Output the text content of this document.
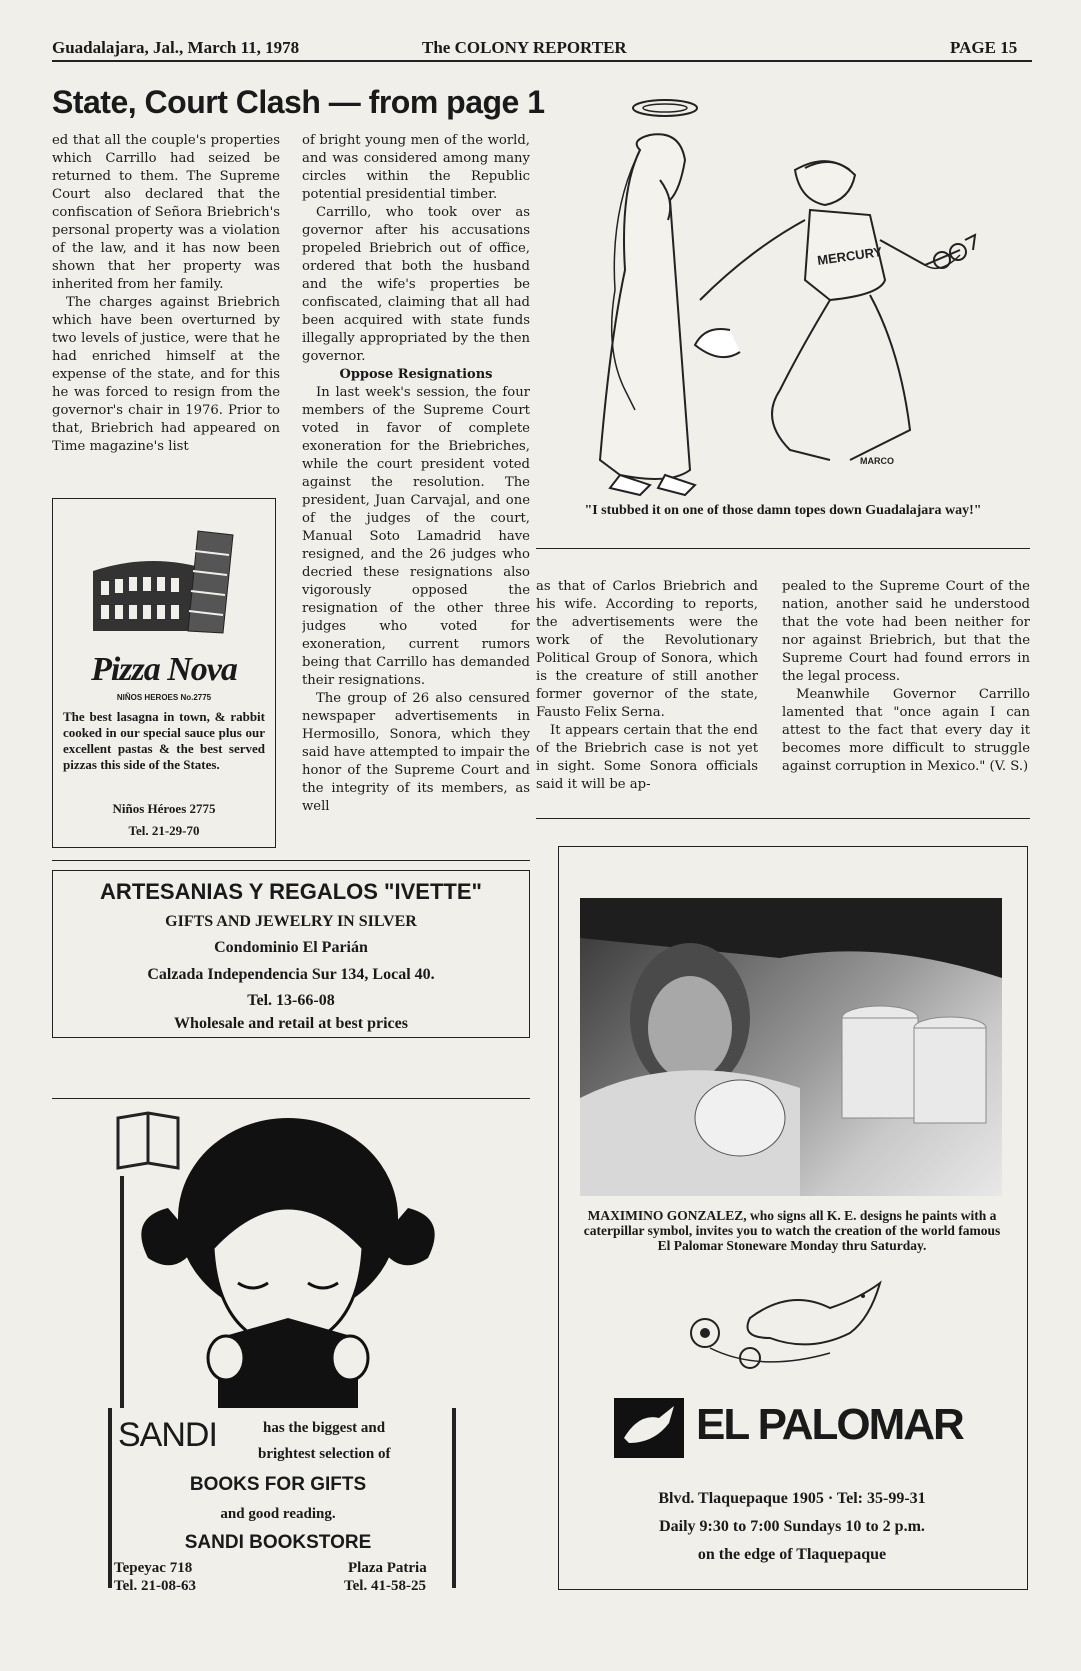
Guadalajara, Jal., March 11, 1978	The COLONY REPORTER	PAGE 15
State, Court Clash — from page 1

ed that all the couple's properties which Carrillo had seized be returned to them. The Supreme Court also declared that the confiscation of Señora Briebrich's personal property was a violation of the law, and it has now been shown that her property was inherited from her family.

The charges against Briebrich which have been overturned by two levels of justice, were that he had enriched himself at the expense of the state, and for this he was forced to resign from the governor's chair in 1976. Prior to that, Briebrich had appeared on Time magazine's list

of bright young men of the world, and was considered among many circles within the Republic potential presidential timber.

Carrillo, who took over as governor after his accusations propeled Briebrich out of office, ordered that both the husband and the wife's properties be confiscated, claiming that all had been acquired with state funds illegally appropriated by the then governor.

Oppose Resignations

In last week's session, the four members of the Supreme Court voted in favor of complete exoneration for the Briebriches, while the court president voted against the resolution. The president, Juan Carvajal, and one of the judges of the court, Manual Soto Lamadrid have resigned, and the 26 judges who decried these resignations also vigorously opposed the resignation of the other three judges who voted for exoneration, current rumors being that Carrillo has demanded their resignations.

The group of 26 also censured newspaper advertisements in Hermosillo, Sonora, which they said have attempted to impair the honor of the Supreme Court and the integrity of its members, as well

MERCURY
MARCO
"I stubbed it on one of those damn topes down Guadalajara way!"

as that of Carlos Briebrich and his wife. According to reports, the advertisements were the work of the Revolutionary Political Group of Sonora, which is the creature of still another former governor of the state, Fausto Felix Serna.

It appears certain that the end of the Briebrich case is not yet in sight. Some Sonora officials said it will be ap-

pealed to the Supreme Court of the nation, another said he understood that the vote had been neither for nor against Briebrich, but that the Supreme Court had found errors in the legal process.

Meanwhile Governor Carrillo lamented that "once again I can attest to the fact that every day it becomes more difficult to struggle against corruption in Mexico." (V. S.)

Pizza Nova
NIÑOS HEROES No.2775
The best lasagna in town, & rabbit cooked in our special sauce plus our excellent pastas & the best served pizzas this side of the States.
Niños Héroes 2775
Tel. 21-29-70
ARTESANIAS Y REGALOS "IVETTE"
GIFTS AND JEWELRY IN SILVER
Condominio El Parián
Calzada Independencia Sur 134, Local 40.
Tel. 13-66-08
Wholesale and retail at best prices
SANDI	has the biggest and
brightest selection of
BOOKS FOR GIFTS
and good reading.
SANDI BOOKSTORE
Tepeyac 718
Tel. 21-08-63
Plaza Patria
Tel. 41-58-25
MAXIMINO GONZALEZ, who signs all K. E. designs he paints with a caterpillar symbol, invites you to watch the creation of the world famous El Palomar Stoneware Monday thru Saturday.
EL PALOMAR
Blvd. Tlaquepaque 1905 · Tel: 35-99-31
Daily 9:30 to 7:00 Sundays 10 to 2 p.m.
on the edge of Tlaquepaque
